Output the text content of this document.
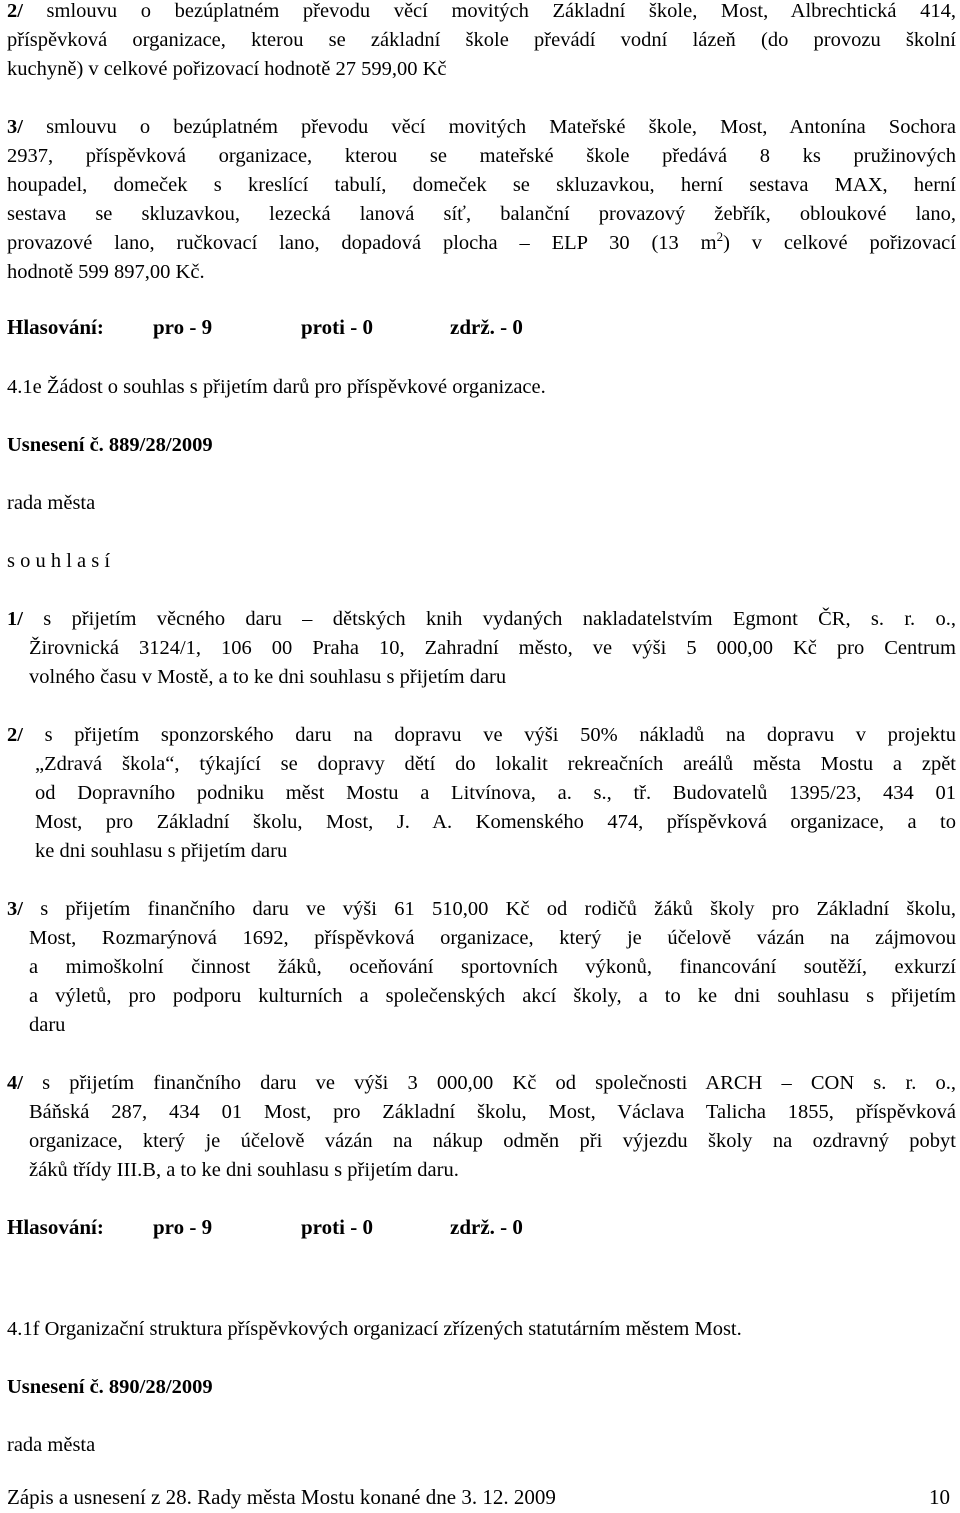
2/ smlouvu o bezúplatném převodu věcí movitých Základní škole, Most, Albrechtická 414,
příspěvková organizace, kterou se základní škole převádí vodní lázeň (do provozu školní
kuchyně) v celkové pořizovací hodnotě 27 599,00 Kč
3/ smlouvu o bezúplatném převodu věcí movitých Mateřské škole, Most, Antonína Sochora
2937, příspěvková organizace, kterou se mateřské škole předává 8 ks pružinových
houpadel, domeček s kreslící tabulí, domeček se skluzavkou, herní sestava MAX, herní
sestava se skluzavkou, lezecká lanová síť, balanční provazový žebřík, obloukové lano,
provazové lano, ručkovací lano, dopadová plocha – ELP 30 (13 $m^2$) v celkové pořizovací
hodnotě 599 897,00 Kč.
Hlasování: pro - 9	proti - 0	zdrž. - 0
4.1e Žádost o souhlas s přijetím darů pro příspěvkové organizace.
Usnesení č. 889/28/2009
rada města
s o u h l a s í
1/ s přijetím věcného daru – dětských knih vydaných nakladatelstvím Egmont ČR, s. r. o.,
Žirovnická 3124/1, 106 00 Praha 10, Zahradní město, ve výši 5 000,00 Kč pro Centrum
volného času v Mostě, a to ke dni souhlasu s přijetím daru
2/ s přijetím sponzorského daru na dopravu ve výši 50% nákladů na dopravu v projektu
„Zdravá škola“, týkající se dopravy dětí do lokalit rekreačních areálů města Mostu a zpět
od Dopravního podniku měst Mostu a Litvínova, a. s., tř. Budovatelů 1395/23, 434 01
Most, pro Základní školu, Most, J. A. Komenského 474, příspěvková organizace, a to
ke dni souhlasu s přijetím daru
3/ s přijetím finančního daru ve výši 61 510,00 Kč od rodičů žáků školy pro Základní školu,
Most, Rozmarýnová 1692, příspěvková organizace, který je účelově vázán na zájmovou
a mimoškolní činnost žáků, oceňování sportovních výkonů, financování soutěží, exkurzí
a výletů, pro podporu kulturních a společenských akcí školy, a to ke dni souhlasu s přijetím
daru
4/ s přijetím finančního daru ve výši 3 000,00 Kč od společnosti ARCH – CON s. r. o.,
Báňská 287, 434 01 Most, pro Základní školu, Most, Václava Talicha 1855, příspěvková
organizace, který je účelově vázán na nákup odměn při výjezdu školy na ozdravný pobyt
žáků třídy III.B, a to ke dni souhlasu s přijetím daru.
Hlasování: pro - 9	proti - 0	zdrž. - 0
4.1f Organizační struktura příspěvkových organizací zřízených statutárním městem Most.
Usnesení č. 890/28/2009
rada města
Zápis a usnesení z 28. Rady města Mostu konané dne 3. 12. 2009	10
